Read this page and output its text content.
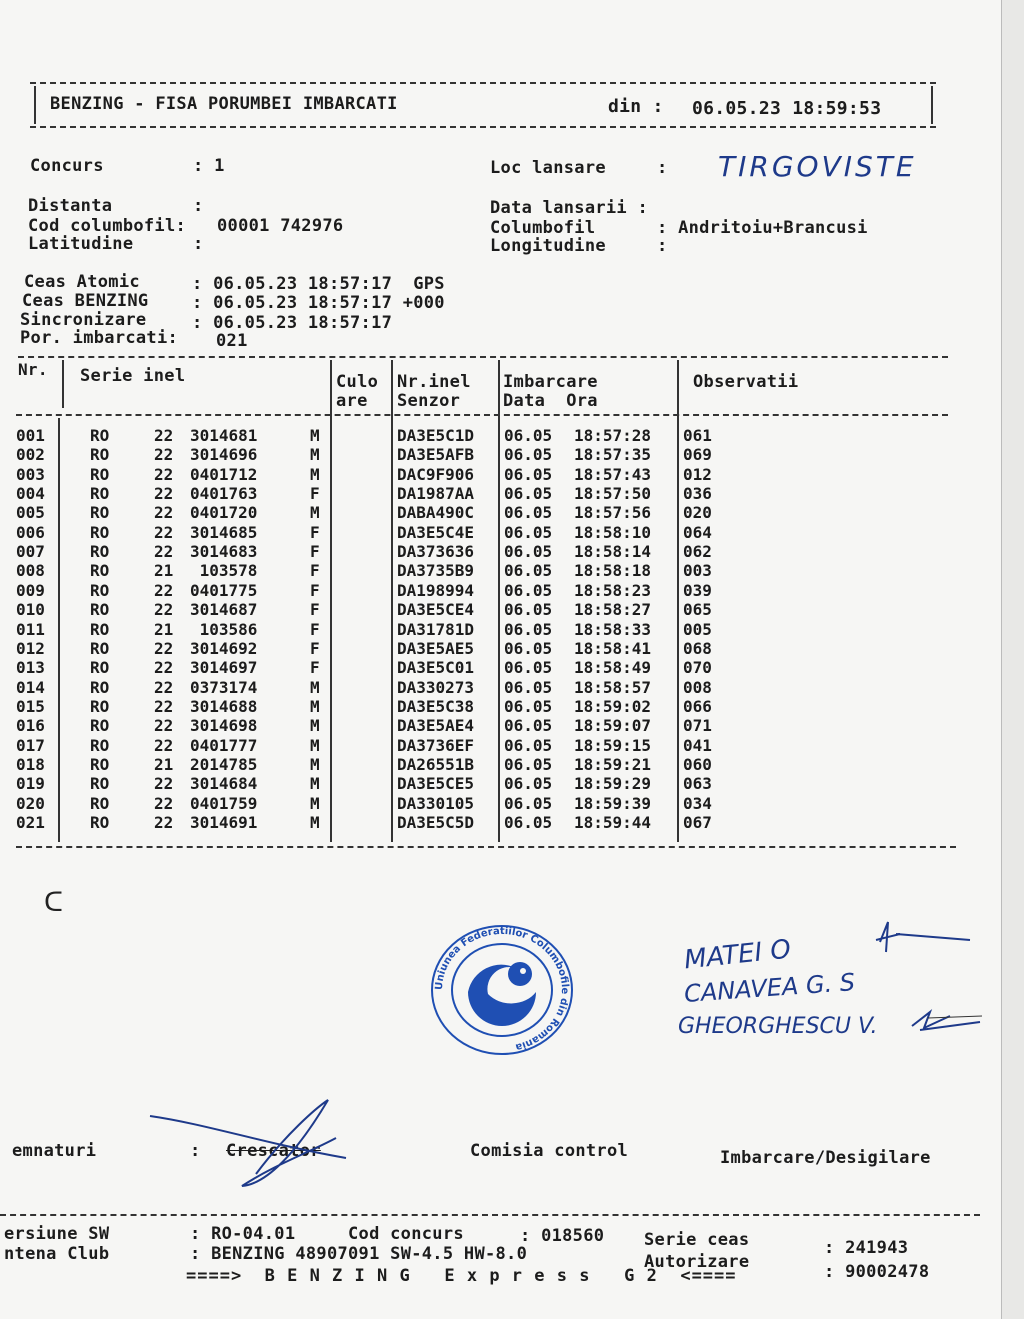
BENZING - FISA PORUMBEI IMBARCATI	din : 06.05.23 18:59:53
Concurs	: 1	Loc lansare	: TIRGOVISTE
Distanta	:
Cod columbofil: 00001 742976
Latitudine	:
Data lansarii :
Columbofil	: Andritoiu+Brancusi
Longitudine	:
Ceas Atomic	: 06.05.23 18:57:17  GPS
Ceas BENZING	: 06.05.23 18:57:17 +000
Sincronizare	: 06.05.23 18:57:17
Por. imbarcati: 021
Nr. Serie inel	Culo
are
Nr.inel
Senzor
Imbarcare
Data  Ora
Observatii
001	RO	22 3014681	M	DA3E5C1D 06.05 18:57:28 061
002	RO	22 3014696	M	DA3E5AFB 06.05 18:57:35 069
003	RO	22 0401712	M	DAC9F906 06.05 18:57:43 012
004	RO	22 0401763	F	DA1987AA 06.05 18:57:50 036
005	RO	22 0401720	M	DABA490C 06.05 18:57:56 020
006	RO	22 3014685	F	DA3E5C4E 06.05 18:58:10 064
007	RO	22 3014683	F	DA373636 06.05 18:58:14 062
008	RO	21 103578	F	DA3735B9 06.05 18:58:18 003
009	RO	22 0401775	F	DA198994 06.05 18:58:23 039
010	RO	22 3014687	F	DA3E5CE4 06.05 18:58:27 065
011	RO	21 103586	F	DA31781D 06.05 18:58:33 005
012	RO	22 3014692	F	DA3E5AE5 06.05 18:58:41 068
013	RO	22 3014697	F	DA3E5C01 06.05 18:58:49 070
014	RO	22 0373174	M	DA330273 06.05 18:58:57 008
015	RO	22 3014688	M	DA3E5C38 06.05 18:59:02 066
016	RO	22 3014698	M	DA3E5AE4 06.05 18:59:07 071
017	RO	22 0401777	M	DA3736EF 06.05 18:59:15 041
018	RO	21 2014785	M	DA26551B 06.05 18:59:21 060
019	RO	22 3014684	M	DA3E5CE5 06.05 18:59:29 063
020	RO	22 0401759	M	DA330105 06.05 18:59:39 034
021	RO	22 3014691	M	DA3E5C5D 06.05 18:59:44 067
Uniunea Federatiilor Columbofile din Romania
MATEI O
CANAVEA G. S
GHEORGHESCU V.
ᑕ
emnaturi	: Crescator	Comisia control	Imbarcare/Desigilare
ersiune SW	: RO-04.01	Cod concurs	: 018560 Serie ceas	: 241943
ntena Club	: BENZING 48907091 SW-4.5 HW-8.0	Autorizare	: 90002478
====>  B E N Z I N G   E x p r e s s   G 2  <====
